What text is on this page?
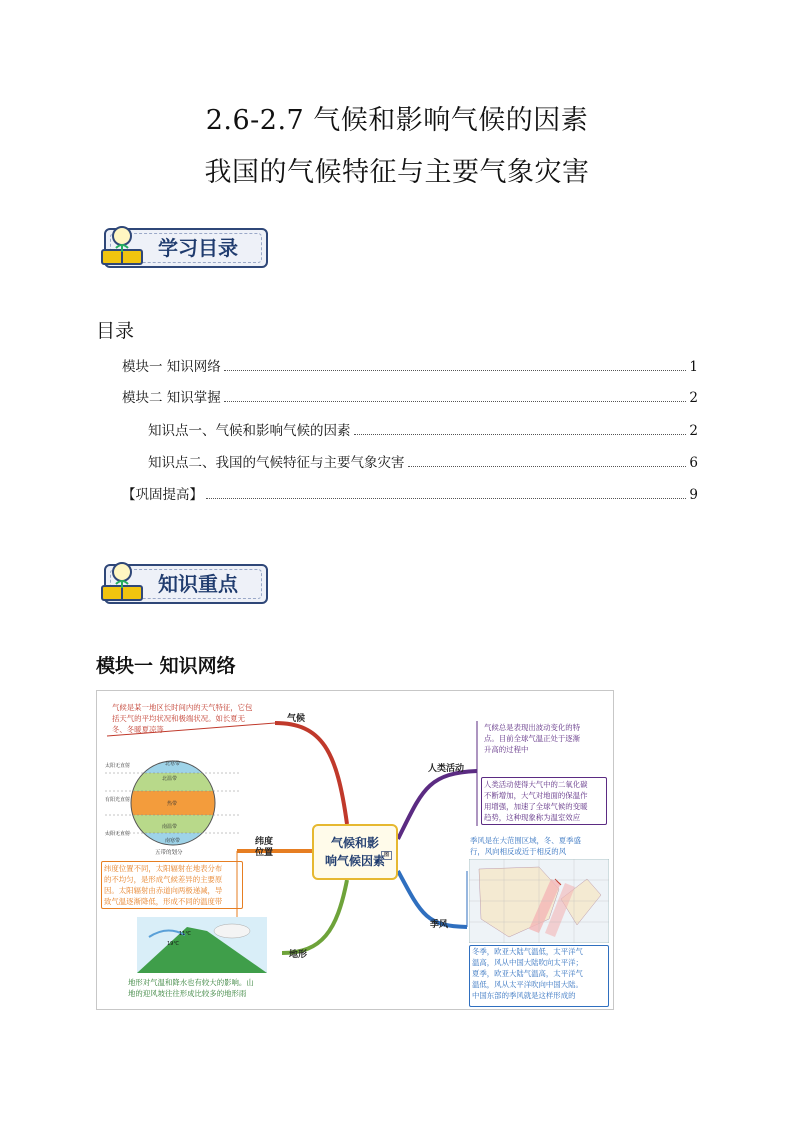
2.6-2.7 气候和影响气候的因素
我国的气候特征与主要气象灾害
学习目录
目录
模块一 知识网络	1
模块二 知识掌握	2
知识点一、气候和影响气候的因素	2
知识点二、我国的气候特征与主要气象灾害	6
【巩固提高】	9
知识重点
模块一 知识网络
气候和影
响气候因素
图
气候是某一地区长时间内的天气特征，它包
括天气的平均状况和极端状况。如长夏无
冬、冬暖夏凉等
气候
北温带
热带
南温带
北寒带
南寒带
太阳无直射
有阳光直射
太阳无直射
五带的划分
纬度
位置
纬度位置不同，太阳辐射在地表分布
的不均匀，是形成气候差异的主要原
因。太阳辐射由赤道向两极递减，导
致气温逐渐降低，形成不同的温度带
19℃
11℃
地形
地形对气温和降水也有较大的影响。山
地的迎风坡往往形成比较多的地形雨
气候总是表现出波动变化的特
点。目前全球气温正处于逐渐
升高的过程中
人类活动
人类活动使得大气中的二氧化碳
不断增加，大气对地面的保温作
用增强，加速了全球气候的变暖
趋势，这种现象称为温室效应
季风是在大范围区域，冬、夏季盛
行，风向相反或近于相反的风
季风
冬季，欧亚大陆气温低，太平洋气
温高，风从中国大陆吹向太平洋；
夏季，欧亚大陆气温高，太平洋气
温低，风从太平洋吹向中国大陆。
中国东部的季风就是这样形成的
